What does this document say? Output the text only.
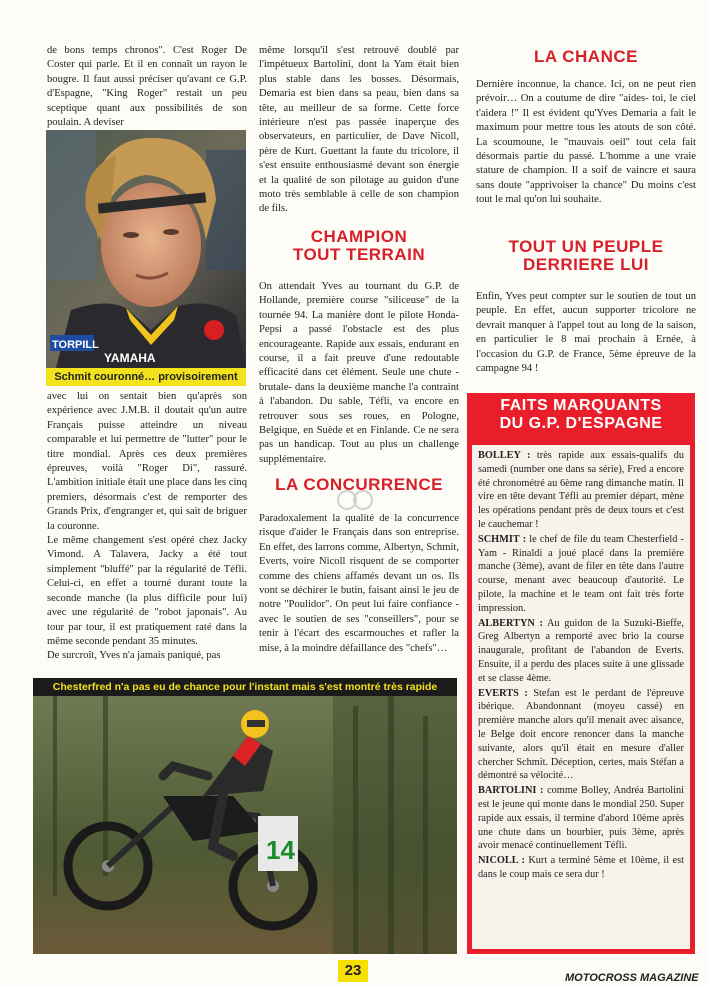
de bons temps chronos". C'est Roger De Coster qui parle. Et il en connaît un rayon le bougre. Il faut aussi préciser qu'avant ce G.P. d'Espagne, "King Roger" restait un peu sceptique quant aux possibilités de son poulain. A deviser

TORPILL
YAMAHA
Schmit couronné… provisoirement

avec lui on sentait bien qu'après son expérience avec J.M.B. il doutait qu'un autre Français puisse atteindre un niveau comparable et lui permettre de "lutter" pour le titre mondial. Après ces deux premières épreuves, voilà "Roger Di", rassuré. L'ambition initiale était une place dans les cinq premiers, désormais c'est de remporter des Grands Prix, d'engranger et, qui sait de briguer la couronne.

Le même changement s'est opéré chez Jacky Vimond. A Talavera, Jacky a été tout simplement "bluffé" par la régularité de Téfli. Celui-ci, en effet a tourné durant toute la seconde manche (la plus difficile pour lui) avec une régularité de "robot japonais". Au tour par tour, il est pratiquement raté dans la même seconde pendant 35 minutes.

De surcroît, Yves n'a jamais paniqué, pas

même lorsqu'il s'est retrouvé doublé par l'impétueux Bartolini, dont la Yam était bien plus stable dans les bosses. Désormais, Demaria est bien dans sa peau, bien dans sa tête, au meilleur de sa forme. Cette force intérieure n'est pas passée inaperçue des observateurs, en particulier, de Dave Nicoll, père de Kurt. Guettant la faute du tricolore, il s'est ensuite enthousiasmé devant son énergie et la qualité de son pilotage au guidon d'une moto très semblable à celle de son champion de fils.

CHAMPION
TOUT TERRAIN

On attendait Yves au tournant du G.P. de Hollande, première course "siliceuse" de la tournée 94. La manière dont le pilote Honda-Pepsi a passé l'obstacle est des plus encourageante. Rapide aux essais, endurant en course, il a fait preuve d'une redoutable efficacité dans cet élément. Seule une chute -brutale- dans la deuxième manche l'a contraint à l'abandon. Du sable, Téfli, va encore en retrouver sous ses roues, en Pologne, Belgique, en Suède et en Finlande. Ce ne sera pas un handicap. Tout au plus un challenge supplémentaire.

LA CONCURRENCE

Paradoxalement la qualité de la concurrence risque d'aider le Français dans son entreprise. En effet, des larrons comme, Albertyn, Schmit, Everts, voire Nicoll risquent de se comporter comme des chiens affamés devant un os. Ils vont se déchirer le butin, faisant ainsi le jeu de notre "Poulidor". On peut lui faire confiance -avec le soutien de ses "conseillers", pour se tenir à l'écart des escarmouches et rafler la mise, à la moindre défaillance des "chefs"…

LA CHANCE

Dernière inconnue, la chance. Ici, on ne peut rien prévoir… On a coutume de dire "aides- toi, le ciel t'aidera !" Il est évident qu'Yves Demaria a fait le maximum pour mettre tous les atouts de son côté. La scoumoune, le "mauvais oeil" tout cela fait désormais partie du passé. L'homme a une vraie stature de champion. Il a soif de vaincre et saura sans doute "apprivoiser la chance" Du moins c'est tout le mal qu'on lui souhaite.

TOUT UN PEUPLE
DERRIERE LUI

Enfin, Yves peut compter sur le soutien de tout un peuple. En effet, aucun supporter tricolore ne devrait manquer à l'appel tout au long de la saison, en particulier le 8 mai prochain à Ernée, à l'occasion du G.P. de France, 5ème épreuve de la campagne 94 !

FAITS MARQUANTS
DU G.P. D'ESPAGNE

BOLLEY : très rapide aux essais-qualifs du samedi (number one dans sa série), Fred a encore été chronométré au 6ème rang dimanche matin. Il vire en tête devant Téfli au premier départ, mène les opérations pendant près de deux tours et c'est le cauchemar !

SCHMIT : le chef de file du team Chesterfield - Yam - Rinaldi a joué placé dans la première manche (3ème), avant de filer en tête dans l'autre course, menant avec beaucoup d'autorité. Le pilote, la machine et le team ont fait très forte impression.

ALBERTYN : Au guidon de la Suzuki-Bieffe, Greg Albertyn a remporté avec brio la course inaugurale, profitant de l'abandon de Everts. Ensuite, il a perdu des places suite à une glissade et se classe 4ème.

EVERTS : Stefan est le perdant de l'épreuve ibérique. Abandonnant (moyeu cassé) en première manche alors qu'il menait avec aisance, le Belge doit encore renoncer dans la manche suivante, alors qu'il était en mesure d'aller chercher Schmit. Déception, certes, mais Stéfan a démontré sa vélocité…

BARTOLINI : comme Bolley, Andréa Bartolini est le jeune qui monte dans le mondial 250. Super rapide aux essais, il termine d'abord 10ème après une chute dans un bourbier, puis 3ème, après avoir menacé continuellement Téfli.

NICOLL : Kurt a terminé 5ème et 10ème, il est dans le coup mais ce sera dur !

Chesterfred n'a pas eu de chance pour l'instant mais s'est montré très rapide
14
23	MOTOCROSS MAGAZINE
